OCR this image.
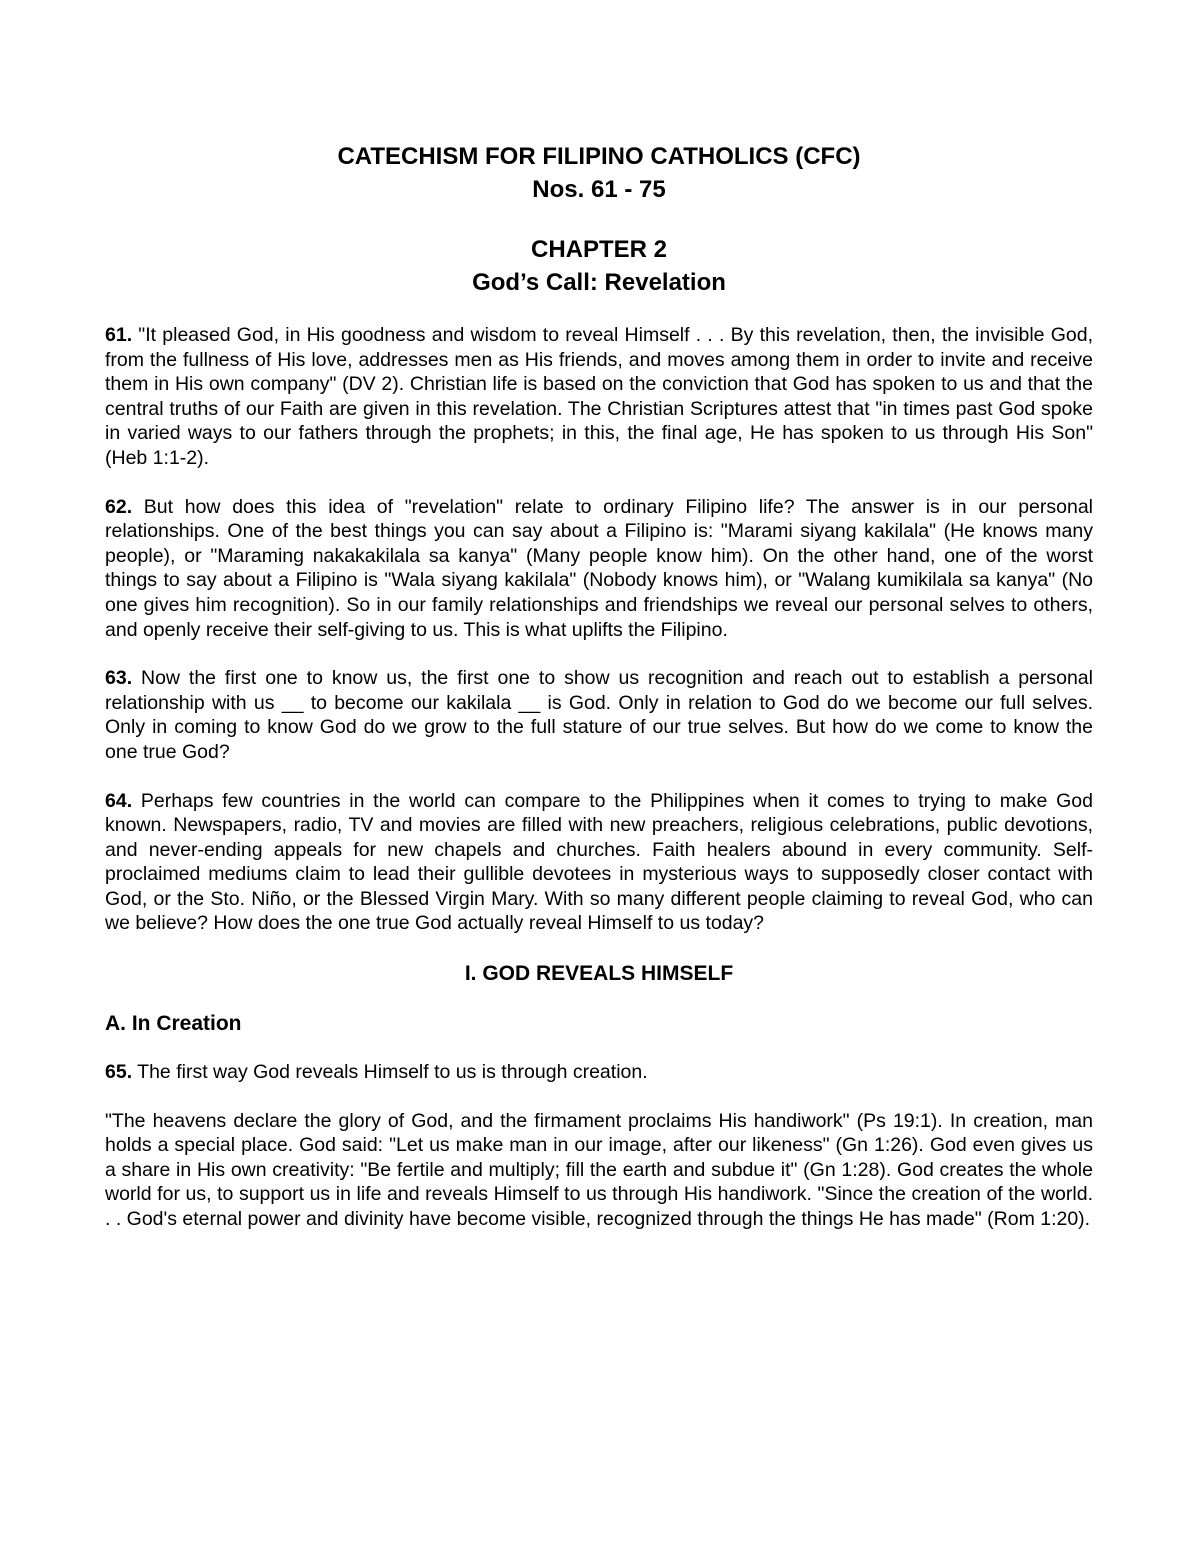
CATECHISM FOR FILIPINO CATHOLICS (CFC)
Nos. 61 - 75
CHAPTER 2
God’s Call: Revelation

61. "It pleased God, in His goodness and wisdom to reveal Himself . . . By this revelation, then, the invisible God, from the fullness of His love, addresses men as His friends, and moves among them in order to invite and receive them in His own company" (DV 2). Christian life is based on the conviction that God has spoken to us and that the central truths of our Faith are given in this revelation. The Christian Scriptures attest that "in times past God spoke in varied ways to our fathers through the prophets; in this, the final age, He has spoken to us through His Son" (Heb 1:1-2).

62. But how does this idea of "revelation" relate to ordinary Filipino life? The answer is in our personal relationships. One of the best things you can say about a Filipino is: "Marami siyang kakilala" (He knows many people), or "Maraming nakakakilala sa kanya" (Many people know him). On the other hand, one of the worst things to say about a Filipino is "Wala siyang kakilala" (Nobody knows him), or "Walang kumikilala sa kanya" (No one gives him recognition). So in our family relationships and friendships we reveal our personal selves to others, and openly receive their self-giving to us. This is what uplifts the Filipino.

63. Now the first one to know us, the first one to show us recognition and reach out to establish a personal relationship with us __ to become our kakilala __ is God. Only in relation to God do we become our full selves. Only in coming to know God do we grow to the full stature of our true selves. But how do we come to know the one true God?

64. Perhaps few countries in the world can compare to the Philippines when it comes to trying to make God known. Newspapers, radio, TV and movies are filled with new preachers, religious celebrations, public devotions, and never-ending appeals for new chapels and churches. Faith healers abound in every community. Self-proclaimed mediums claim to lead their gullible devotees in mysterious ways to supposedly closer contact with God, or the Sto. Niño, or the Blessed Virgin Mary. With so many different people claiming to reveal God, who can we believe? How does the one true God actually reveal Himself to us today?

I. GOD REVEALS HIMSELF
A. In Creation

65. The first way God reveals Himself to us is through creation.

"The heavens declare the glory of God, and the firmament proclaims His handiwork" (Ps 19:1). In creation, man holds a special place. God said: "Let us make man in our image, after our likeness" (Gn 1:26). God even gives us a share in His own creativity: "Be fertile and multiply; fill the earth and subdue it" (Gn 1:28). God creates the whole world for us, to support us in life and reveals Himself to us through His handiwork. "Since the creation of the world. . . God's eternal power and divinity have become visible, recognized through the things He has made" (Rom 1:20).
